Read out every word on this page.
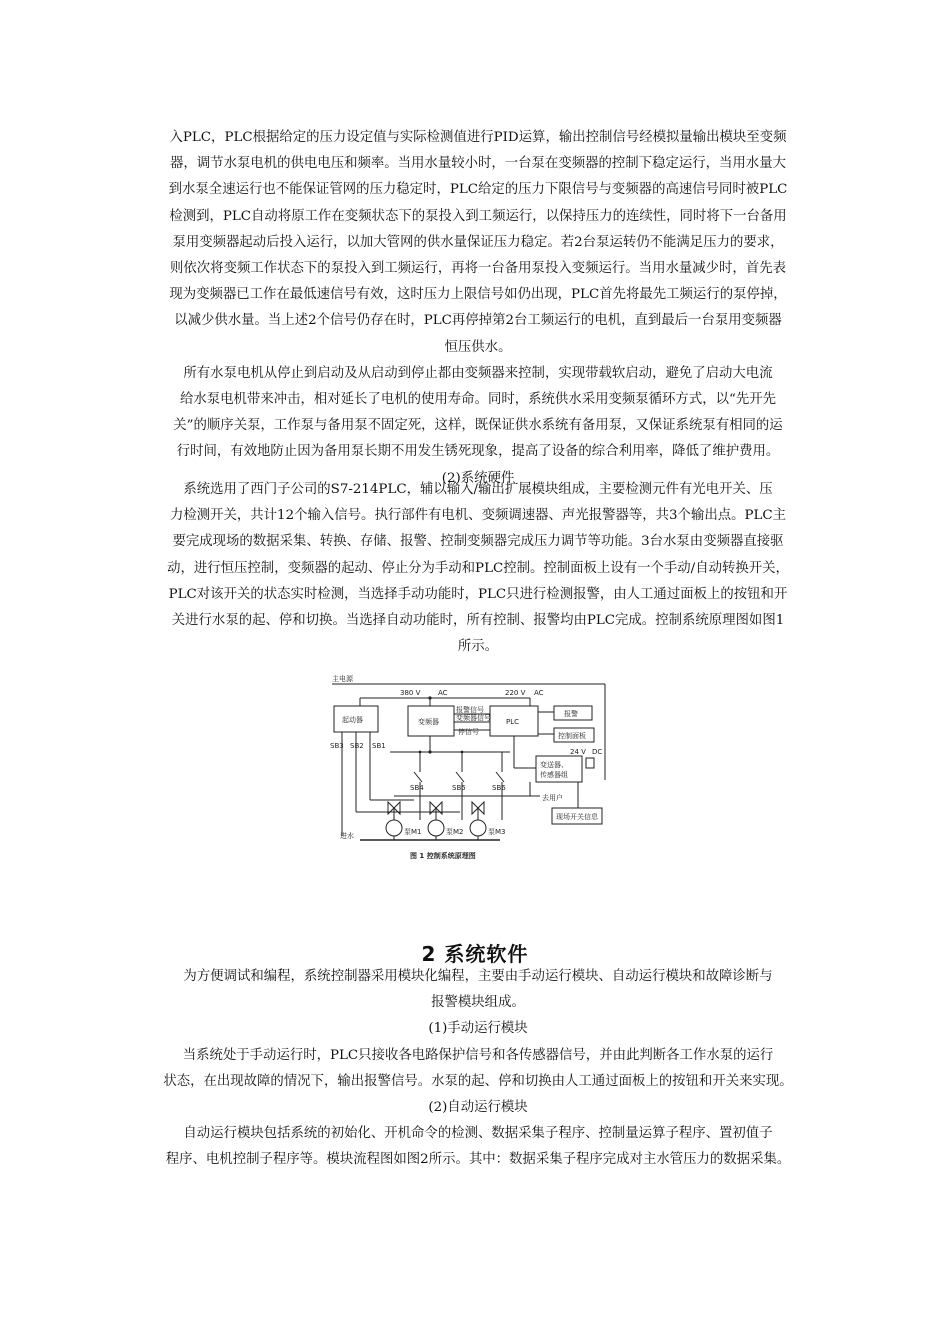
入PLC，PLC根据给定的压力设定值与实际检测值进行PID运算，输出控制信号经模拟量输出模块至变频
器，调节水泵电机的供电电压和频率。当用水量较小时，一台泵在变频器的控制下稳定运行，当用水量大
到水泵全速运行也不能保证管网的压力稳定时，PLC给定的压力下限信号与变频器的高速信号同时被PLC
检测到，PLC自动将原工作在变频状态下的泵投入到工频运行，以保持压力的连续性，同时将下一台备用
泵用变频器起动后投入运行，以加大管网的供水量保证压力稳定。若2台泵运转仍不能满足压力的要求，
则依次将变频工作状态下的泵投入到工频运行，再将一台备用泵投入变频运行。当用水量减少时，首先表
现为变频器已工作在最低速信号有效，这时压力上限信号如仍出现，PLC首先将最先工频运行的泵停掉，
以减少供水量。当上述2个信号仍存在时，PLC再停掉第2台工频运行的电机，直到最后一台泵用变频器
恒压供水。
所有水泵电机从停止到启动及从启动到停止都由变频器来控制，实现带载软启动，避免了启动大电流
给水泵电机带来冲击，相对延长了电机的使用寿命。同时，系统供水采用变频泵循环方式，以“先开先
关”的顺序关泵，工作泵与备用泵不固定死，这样，既保证供水系统有备用泵，又保证系统泵有相同的运
行时间，有效地防止因为备用泵长期不用发生锈死现象，提高了设备的综合利用率，降低了维护费用。
(2)系统硬件
系统选用了西门子公司的S7-214PLC，辅以输入/输出扩展模块组成，主要检测元件有光电开关、压
力检测开关，共计12个输入信号。执行部件有电机、变频调速器、声光报警器等，共3个输出点。PLC主
要完成现场的数据采集、转换、存储、报警、控制变频器完成压力调节等功能。3台水泵由变频器直接驱
动，进行恒压控制，变频器的起动、停止分为手动和PLC控制。控制面板上设有一个手动/自动转换开关，
PLC对该开关的状态实时检测，当选择手动功能时，PLC只进行检测报警，由人工通过面板上的按钮和开
关进行水泵的起、停和切换。当选择自动功能时，所有控制、报警均由PLC完成。控制系统原理图如图1
所示。
主电源
380 V	AC	220 V AC
起动器	变频器
报警信号
变频器信号
停信号
PLC
报警
控制面板
24 V DC
变送器、
传感器组
SB1
SB2
SB3
SB4	SB5	SB6
去用户
现场开关信息
进水	泵M1	泵M2	泵M3
图 1 控制系统原理图
2 系统软件
为方便调试和编程，系统控制器采用模块化编程，主要由手动运行模块、自动运行模块和故障诊断与
报警模块组成。
(1)手动运行模块
当系统处于手动运行时，PLC只接收各电路保护信号和各传感器信号，并由此判断各工作水泵的运行
状态，在出现故障的情况下，输出报警信号。水泵的起、停和切换由人工通过面板上的按钮和开关来实现。
(2)自动运行模块
自动运行模块包括系统的初始化、开机命令的检测、数据采集子程序、控制量运算子程序、置初值子
程序、电机控制子程序等。模块流程图如图2所示。其中：数据采集子程序完成对主水管压力的数据采集。
